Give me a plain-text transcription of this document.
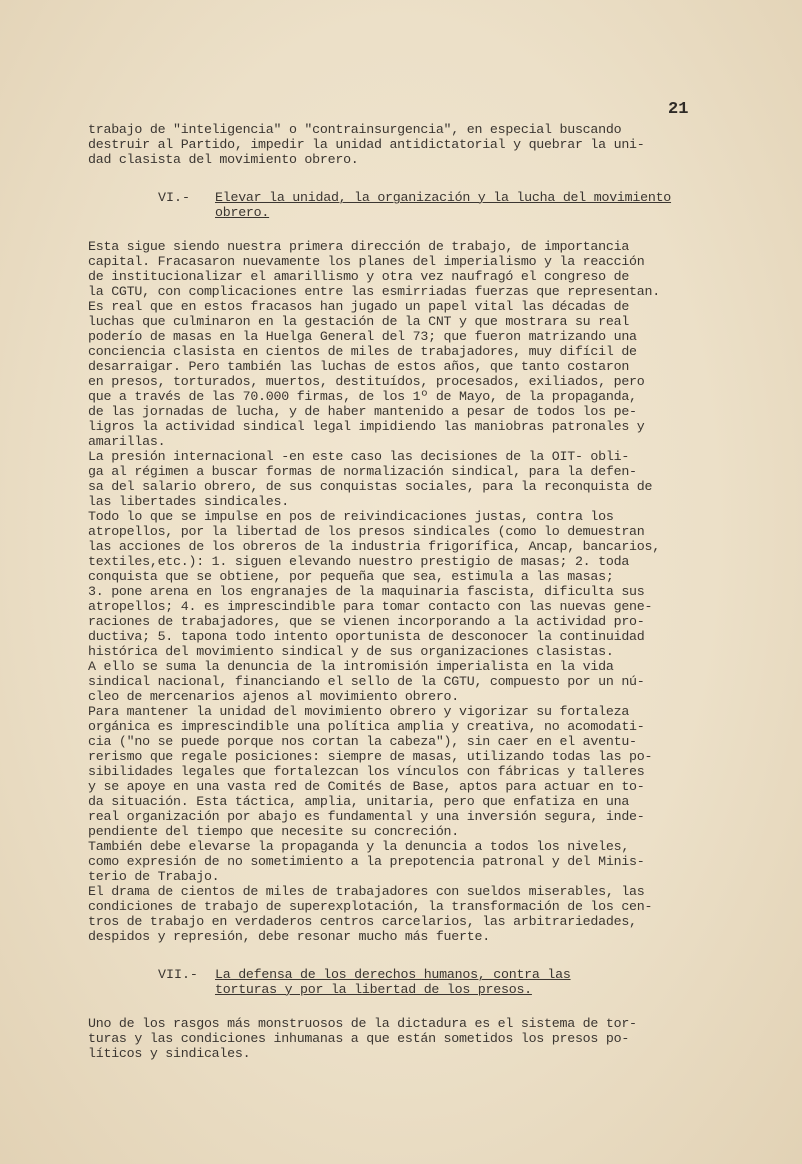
21
trabajo de "inteligencia" o "contrainsurgencia", en especial buscando
destruir al Partido, impedir la unidad antidictatorial y quebrar la uni-
dad clasista del movimiento obrero.
VI.- Elevar la unidad, la organización y la lucha del movimiento
obrero.
Esta sigue siendo nuestra primera dirección de trabajo, de importancia
capital. Fracasaron nuevamente los planes del imperialismo y la reacción
de institucionalizar el amarillismo y otra vez naufragó el congreso de
la CGTU, con complicaciones entre las esmirriadas fuerzas que representan.
Es real que en estos fracasos han jugado un papel vital las décadas de
luchas que culminaron en la gestación de la CNT y que mostrara su real
poderío de masas en la Huelga General del 73; que fueron matrizando una
conciencia clasista en cientos de miles de trabajadores, muy difícil de
desarraigar. Pero también las luchas de estos años, que tanto costaron
en presos, torturados, muertos, destituídos, procesados, exiliados, pero
que a través de las 70.000 firmas, de los 1º de Mayo, de la propaganda,
de las jornadas de lucha, y de haber mantenido a pesar de todos los pe-
ligros la actividad sindical legal impidiendo las maniobras patronales y
amarillas.
La presión internacional -en este caso las decisiones de la OIT- obli-
ga al régimen a buscar formas de normalización sindical, para la defen-
sa del salario obrero, de sus conquistas sociales, para la reconquista de
las libertades sindicales.
Todo lo que se impulse en pos de reivindicaciones justas, contra los
atropellos, por la libertad de los presos sindicales (como lo demuestran
las acciones de los obreros de la industria frigorífica, Ancap, bancarios,
textiles,etc.): 1. siguen elevando nuestro prestigio de masas; 2. toda
conquista que se obtiene, por pequeña que sea, estimula a las masas;
3. pone arena en los engranajes de la maquinaria fascista, dificulta sus
atropellos; 4. es imprescindible para tomar contacto con las nuevas gene-
raciones de trabajadores, que se vienen incorporando a la actividad pro-
ductiva; 5. tapona todo intento oportunista de desconocer la continuidad
histórica del movimiento sindical y de sus organizaciones clasistas.
A ello se suma la denuncia de la intromisión imperialista en la vida
sindical nacional, financiando el sello de la CGTU, compuesto por un nú-
cleo de mercenarios ajenos al movimiento obrero.
Para mantener la unidad del movimiento obrero y vigorizar su fortaleza
orgánica es imprescindible una política amplia y creativa, no acomodati-
cia ("no se puede porque nos cortan la cabeza"), sin caer en el aventu-
rerismo que regale posiciones: siempre de masas, utilizando todas las po-
sibilidades legales que fortalezcan los vínculos con fábricas y talleres
y se apoye en una vasta red de Comités de Base, aptos para actuar en to-
da situación. Esta táctica, amplia, unitaria, pero que enfatiza en una
real organización por abajo es fundamental y una inversión segura, inde-
pendiente del tiempo que necesite su concreción.
También debe elevarse la propaganda y la denuncia a todos los niveles,
como expresión de no sometimiento a la prepotencia patronal y del Minis-
terio de Trabajo.
El drama de cientos de miles de trabajadores con sueldos miserables, las
condiciones de trabajo de superexplotación, la transformación de los cen-
tros de trabajo en verdaderos centros carcelarios, las arbitrariedades,
despidos y represión, debe resonar mucho más fuerte.
VII.- La defensa de los derechos humanos, contra las
torturas y por la libertad de los presos.
Uno de los rasgos más monstruosos de la dictadura es el sistema de tor-
turas y las condiciones inhumanas a que están sometidos los presos po-
líticos y sindicales.
